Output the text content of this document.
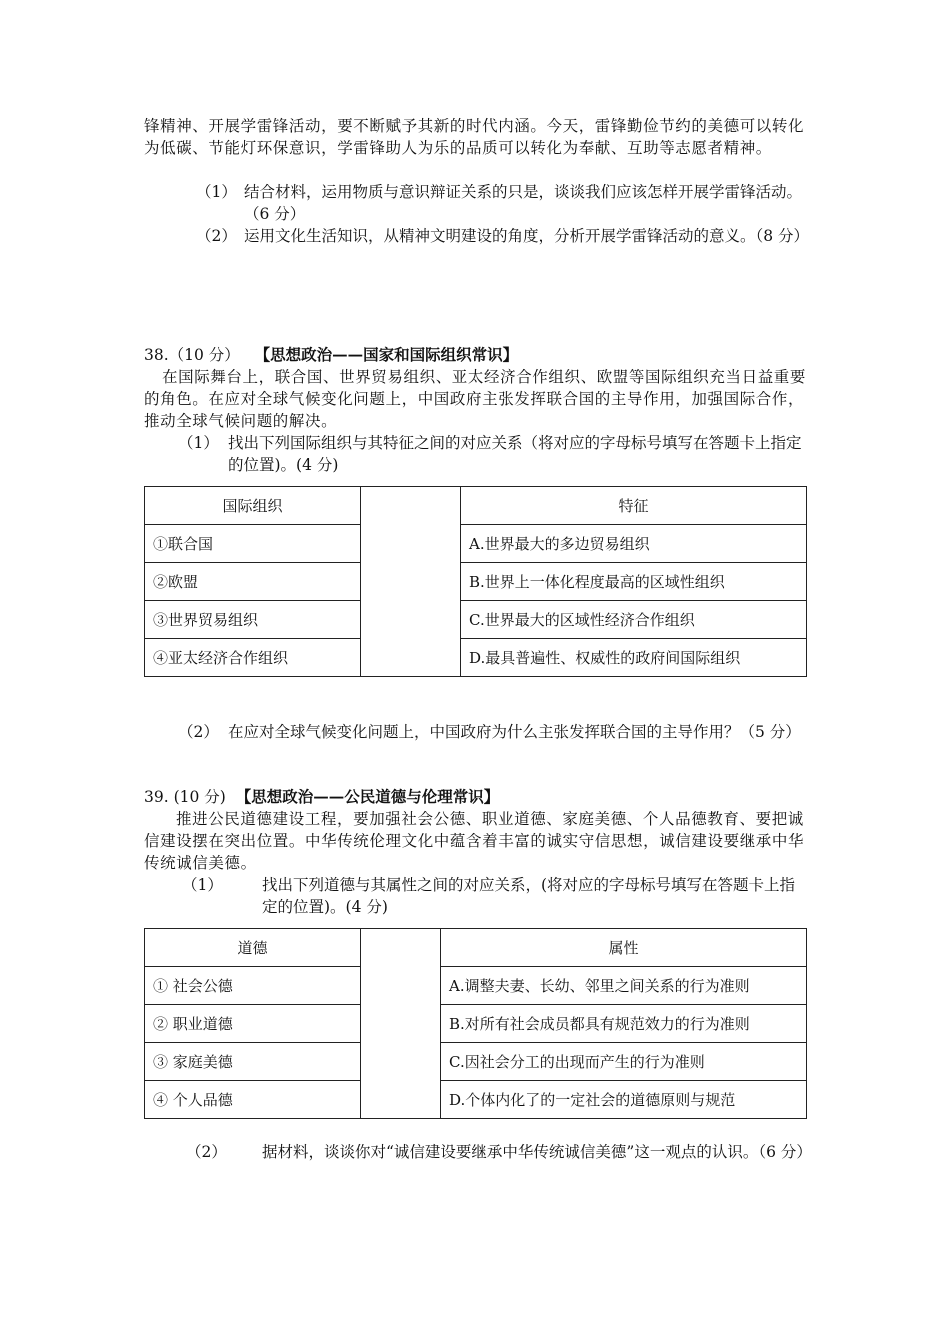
锋精神、开展学雷锋活动，要不断赋予其新的时代内涵。今天，雷锋勤俭节约的美德可以转化为低碳、节能灯环保意识，学雷锋助人为乐的品质可以转化为奉献、互助等志愿者精神。

（1） 结合材料，运用物质与意识辩证关系的只是，谈谈我们应该怎样开展学雷锋活动。（6 分）

（2） 运用文化生活知识，从精神文明建设的角度，分析开展学雷锋活动的意义。（8 分）

38.（10 分） 【思想政治——国家和国际组织常识】

在国际舞台上，联合国、世界贸易组织、亚太经济合作组织、欧盟等国际组织充当日益重要的角色。在应对全球气候变化问题上，中国政府主张发挥联合国的主导作用，加强国际合作，推动全球气候问题的解决。

（1） 找出下列国际组织与其特征之间的对应关系（将对应的字母标号填写在答题卡上指定的位置)。(4 分)

国际组织		特征
①联合国		A.世界最大的多边贸易组织
②欧盟		B.世界上一体化程度最高的区域性组织
③世界贸易组织		C.世界最大的区域性经济合作组织
④亚太经济合作组织		D.最具普遍性、权威性的政府间国际组织
（2） 在应对全球气候变化问题上，中国政府为什么主张发挥联合国的主导作用？（5 分）

39. (10 分) 【思想政治——公民道德与伦理常识】

推进公民道德建设工程，要加强社会公德、职业道德、家庭美德、个人品德教育、要把诚信建设摆在突出位置。中华传统伦理文化中蕴含着丰富的诚实守信思想，诚信建设要继承中华传统诚信美德。

（1）	找出下列道德与其属性之间的对应关系，(将对应的字母标号填写在答题卡上指定的位置)。(4 分)

道德		属性
① 社会公德		A.调整夫妻、长幼、邻里之间关系的行为准则
② 职业道德		B.对所有社会成员都具有规范效力的行为准则
③ 家庭美德		C.因社会分工的出现而产生的行为准则
④ 个人品德		D.个体内化了的一定社会的道德原则与规范
（2） 据材料，谈谈你对“诚信建设要继承中华传统诚信美德”这一观点的认识。（6 分）
